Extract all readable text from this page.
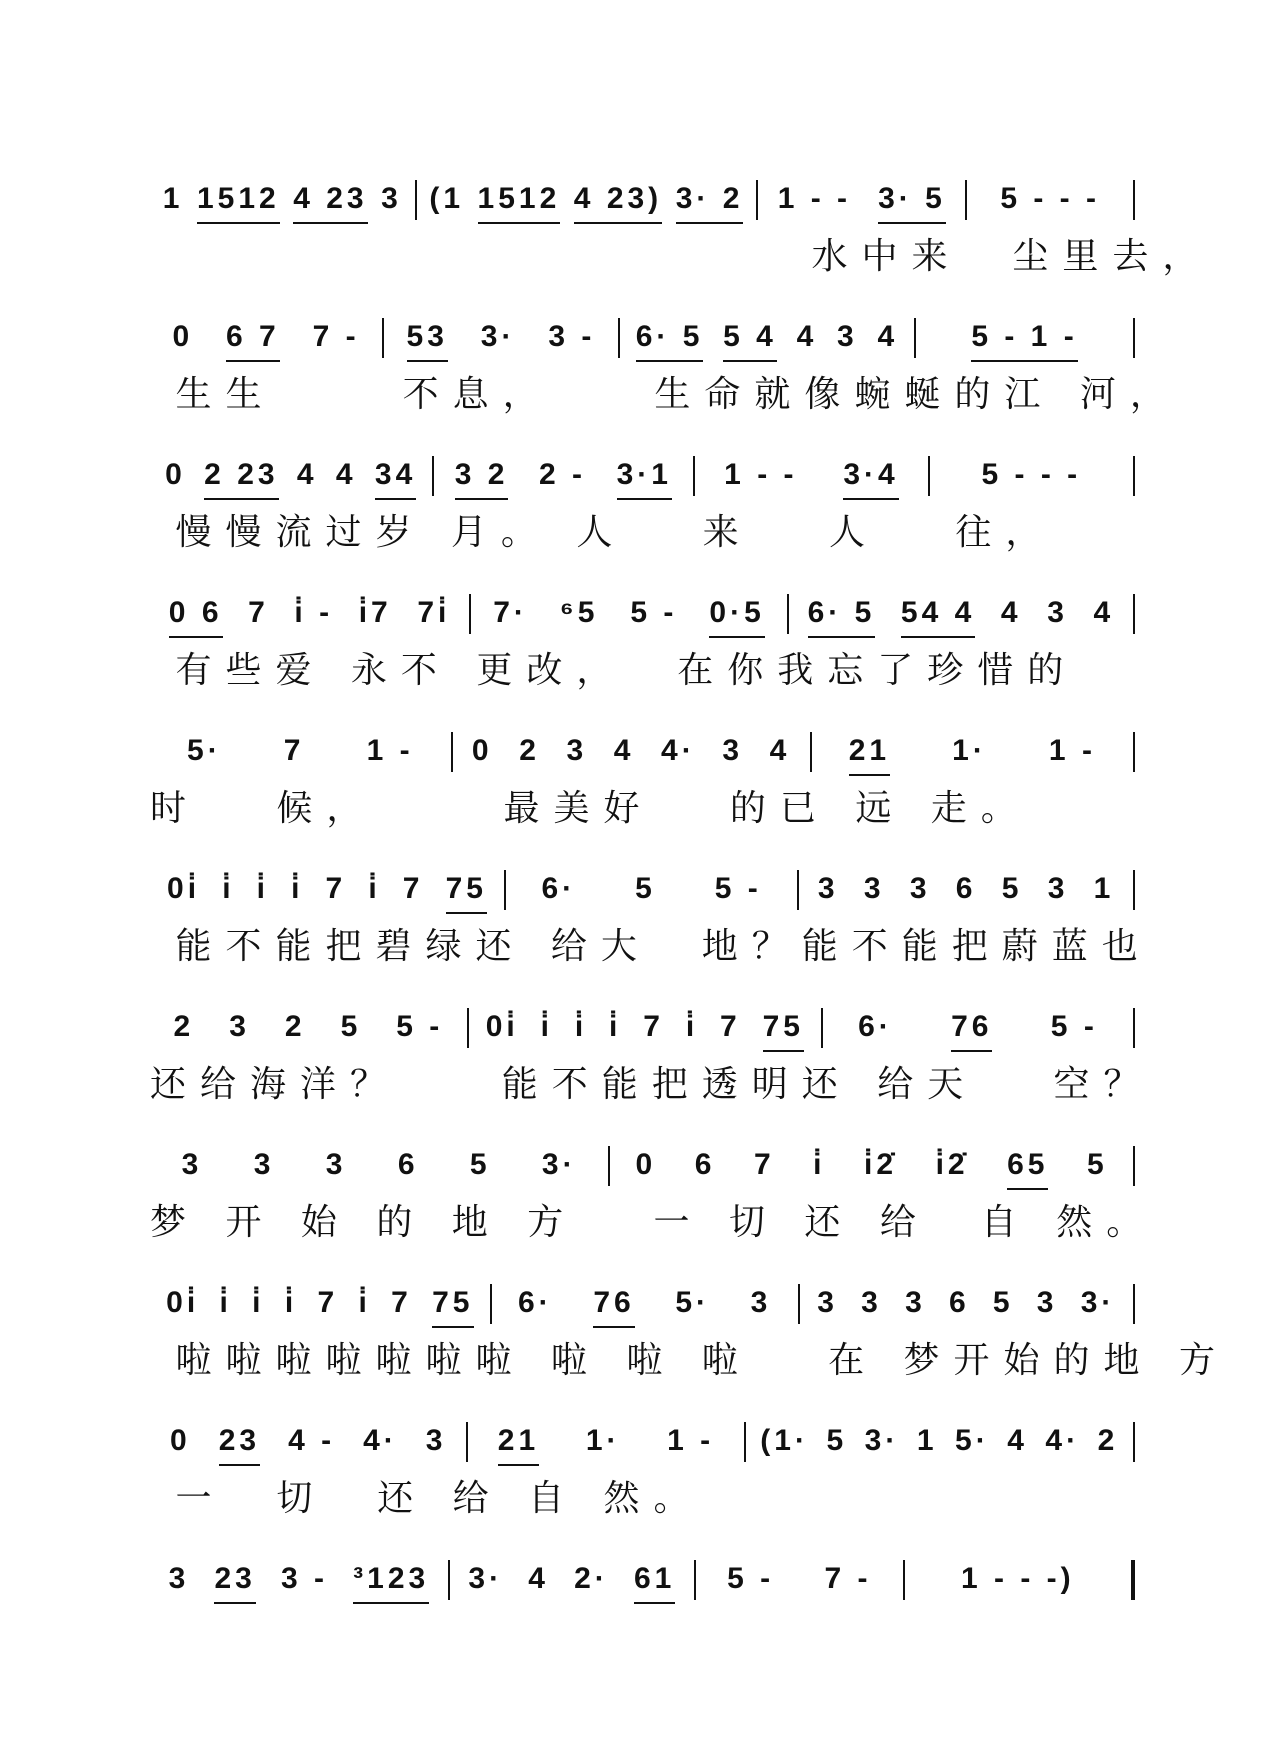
1 1512 4 23 3 (1 1512 4 23) 3· 2 1 - - 3· 5 5 - - -
水中来  尘里去，
0 6 7 7 - 53 3· 3 - 6· 5 5 4 4 3 4 5 - 1 -
生生     不息，    生命就像蜿蜒的江 河，
0 2 23 4 4 34 3 2 2 - 3·1 1 - - 3·4	5 - - -
慢慢流过岁 月。 人   来   人   往，
0 6 7 i̇ - i̇7 7i̇ 7· ⁶5 5 - 0·5 6· 5 54 4 4 3 4
有些爱 永不 更改，  在你我忘了珍惜的
5· 7 1 - 0 2 3 4 4· 3 4 21 1· 1 -
时   候，     最美好   的已 远 走。
0i̇ i̇ i̇ i̇ 7 i̇ 7 75 6· 5 5 - 3 3 3 6 5 3 1
能不能把碧绿还 给大  地？能不能把蔚蓝也
2 3 2 5 5 - 0i̇ i̇ i̇ i̇ 7 i̇ 7 75 6· 76 5 -
还给海洋？    能不能把透明还 给天   空？
3 3 3 6 5 3· 0 6 7 i̇ i̇2̇ i̇2̇ 65 5
梦 开 始 的 地 方   一 切 还 给  自 然。
0i̇ i̇ i̇ i̇ 7 i̇ 7 75 6· 76 5· 3 3 3 3 6 5 3 3·
啦啦啦啦啦啦啦 啦 啦 啦   在 梦开始的地 方
0 23 4 - 4· 3 21 1· 1 - (1· 5 3· 1 5· 4 4· 2
一  切  还 给 自 然。
3 23 3 - ³123 3· 4 2· 61 5 - 7 -	1 - - -)
